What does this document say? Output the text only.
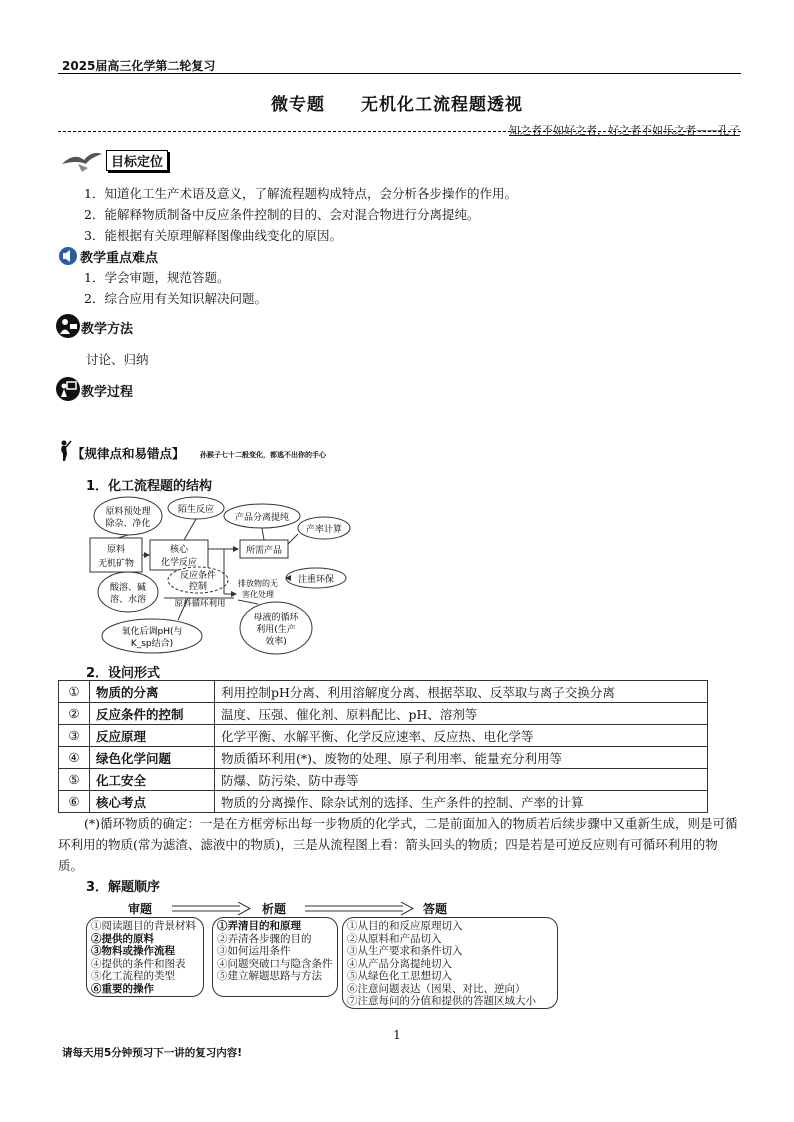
2025届高三化学第二轮复习
微专题　　无机化工流程题透视
知之者不如好之者，好之者不如乐之者——孔子
目标定位
1．知道化工生产术语及意义，了解流程题构成特点，会分析各步操作的作用。
2．能解释物质制备中反应条件控制的目的、会对混合物进行分离提纯。
3．能根据有关原理解释图像曲线变化的原因。
教学重点难点
1．学会审题，规范答题。
2．综合应用有关知识解决问题。
教学方法
讨论、归纳
教学过程
【规律点和易错点】 孙猴子七十二般变化，都逃不出你的手心
1．化工流程题的结构
原料
无机矿物
原料预处理
除杂、净化
陌生反应
核心
化学反应
产品分离提纯
所需产品
产率计算
酸溶、碱
溶、水溶
反应条件
控制
原料循环利用
排放物的无
害化处理
注重环保
氧化后调pH(与
K_sp结合)
母液的循环
利用(生产
效率)
2．设问形式
①	物质的分离	利用控制pH分离、利用溶解度分离、根据萃取、反萃取与离子交换分离
②	反应条件的控制	温度、压强、催化剂、原料配比、pH、溶剂等
③	反应原理	化学平衡、水解平衡、化学反应速率、反应热、电化学等
④	绿色化学问题	物质循环利用(*)、废物的处理、原子利用率、能量充分利用等
⑤	化工安全	防爆、防污染、防中毒等
⑥	核心考点	物质的分离操作、除杂试剂的选择、生产条件的控制、产率的计算
(*)循环物质的确定：一是在方框旁标出每一步物质的化学式，二是前面加入的物质若后续步骤中又重新生成，则是可循环利用的物质(常为滤渣、滤液中的物质)，三是从流程图上看：箭头回头的物质；四是若是可逆反应则有可循环利用的物质。
3．解题顺序
审题	析题	答题
①阅读题目的背景材料
②提供的原料
③物料或操作流程
④提供的条件和图表
⑤化工流程的类型
⑥重要的操作
①弄清目的和原理
②弄清各步骤的目的
③如何运用条件
④问题突破口与隐含条件
⑤建立解题思路与方法
①从目的和反应原理切入
②从原料和产品切入
③从生产要求和条件切入
④从产品分离提纯切入
⑤从绿色化工思想切入
⑥注意问题表达（因果、对比、逆向）
⑦注意每问的分值和提供的答题区域大小
1
请每天用5分钟预习下一讲的复习内容!
